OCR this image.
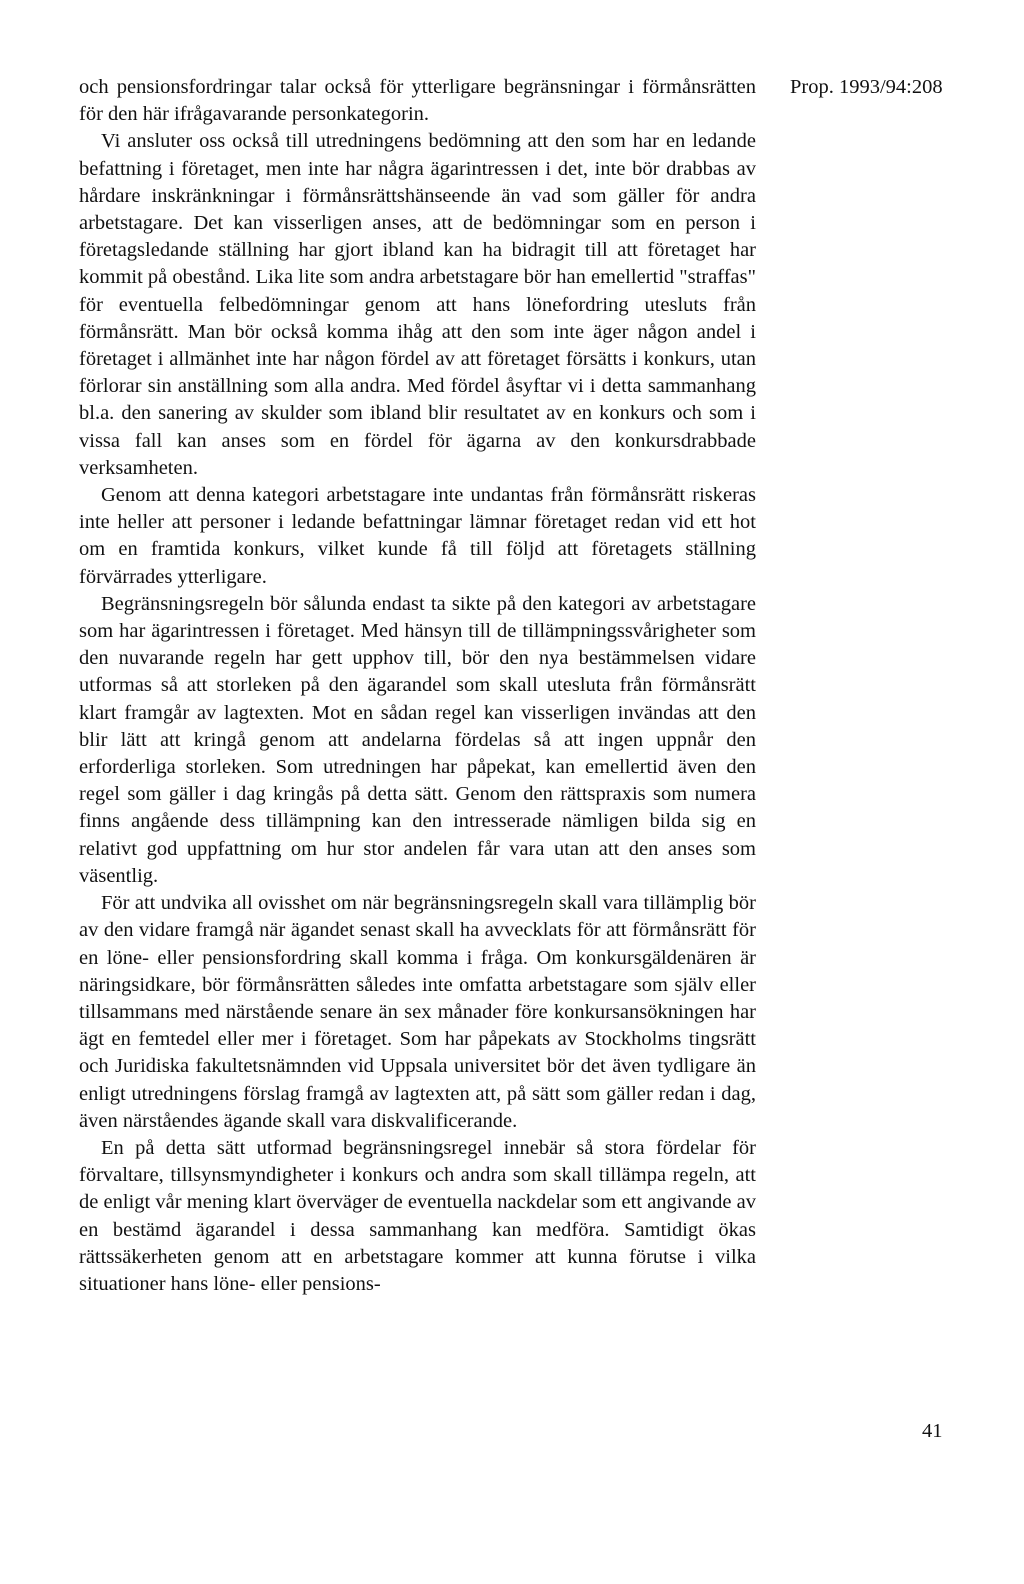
Prop. 1993/94:208

och pensionsfordringar talar också för ytterligare begränsningar i förmånsrätten för den här ifrågavarande personkategorin.

Vi ansluter oss också till utredningens bedömning att den som har en ledande befattning i företaget, men inte har några ägarintressen i det, inte bör drabbas av hårdare inskränkningar i förmånsrättshänseende än vad som gäller för andra arbetstagare. Det kan visserligen anses, att de bedömningar som en person i företagsledande ställning har gjort ibland kan ha bidragit till att företaget har kommit på obestånd. Lika lite som andra arbetstagare bör han emellertid "straffas" för eventuella felbedömningar genom att hans lönefordring utesluts från förmånsrätt. Man bör också komma ihåg att den som inte äger någon andel i företaget i allmänhet inte har någon fördel av att företaget försätts i konkurs, utan förlorar sin anställning som alla andra. Med fördel åsyftar vi i detta sammanhang bl.a. den sanering av skulder som ibland blir resultatet av en konkurs och som i vissa fall kan anses som en fördel för ägarna av den konkursdrabbade verksamheten.

Genom att denna kategori arbetstagare inte undantas från förmånsrätt riskeras inte heller att personer i ledande befattningar lämnar företaget redan vid ett hot om en framtida konkurs, vilket kunde få till följd att företagets ställning förvärrades ytterligare.

Begränsningsregeln bör sålunda endast ta sikte på den kategori av arbetstagare som har ägarintressen i företaget. Med hänsyn till de tillämpningssvårigheter som den nuvarande regeln har gett upphov till, bör den nya bestämmelsen vidare utformas så att storleken på den ägarandel som skall utesluta från förmånsrätt klart framgår av lagtexten. Mot en sådan regel kan visserligen invändas att den blir lätt att kringå genom att andelarna fördelas så att ingen uppnår den erforderliga storleken. Som utredningen har påpekat, kan emellertid även den regel som gäller i dag kringås på detta sätt. Genom den rättspraxis som numera finns angående dess tillämpning kan den intresserade nämligen bilda sig en relativt god uppfattning om hur stor andelen får vara utan att den anses som väsentlig.

För att undvika all ovisshet om när begränsningsregeln skall vara tillämplig bör av den vidare framgå när ägandet senast skall ha avvecklats för att förmånsrätt för en löne- eller pensionsfordring skall komma i fråga. Om konkursgäldenären är näringsidkare, bör förmånsrätten således inte omfatta arbetstagare som själv eller tillsammans med närstående senare än sex månader före konkursansökningen har ägt en femtedel eller mer i företaget. Som har påpekats av Stockholms tingsrätt och Juridiska fakultetsnämnden vid Uppsala universitet bör det även tydligare än enligt utredningens förslag framgå av lagtexten att, på sätt som gäller redan i dag, även närståendes ägande skall vara diskvalificerande.

En på detta sätt utformad begränsningsregel innebär så stora fördelar för förvaltare, tillsynsmyndigheter i konkurs och andra som skall tillämpa regeln, att de enligt vår mening klart överväger de eventuella nackdelar som ett angivande av en bestämd ägarandel i dessa sammanhang kan medföra. Samtidigt ökas rättssäkerheten genom att en arbetstagare kommer att kunna förutse i vilka situationer hans löne- eller pensions-

41
